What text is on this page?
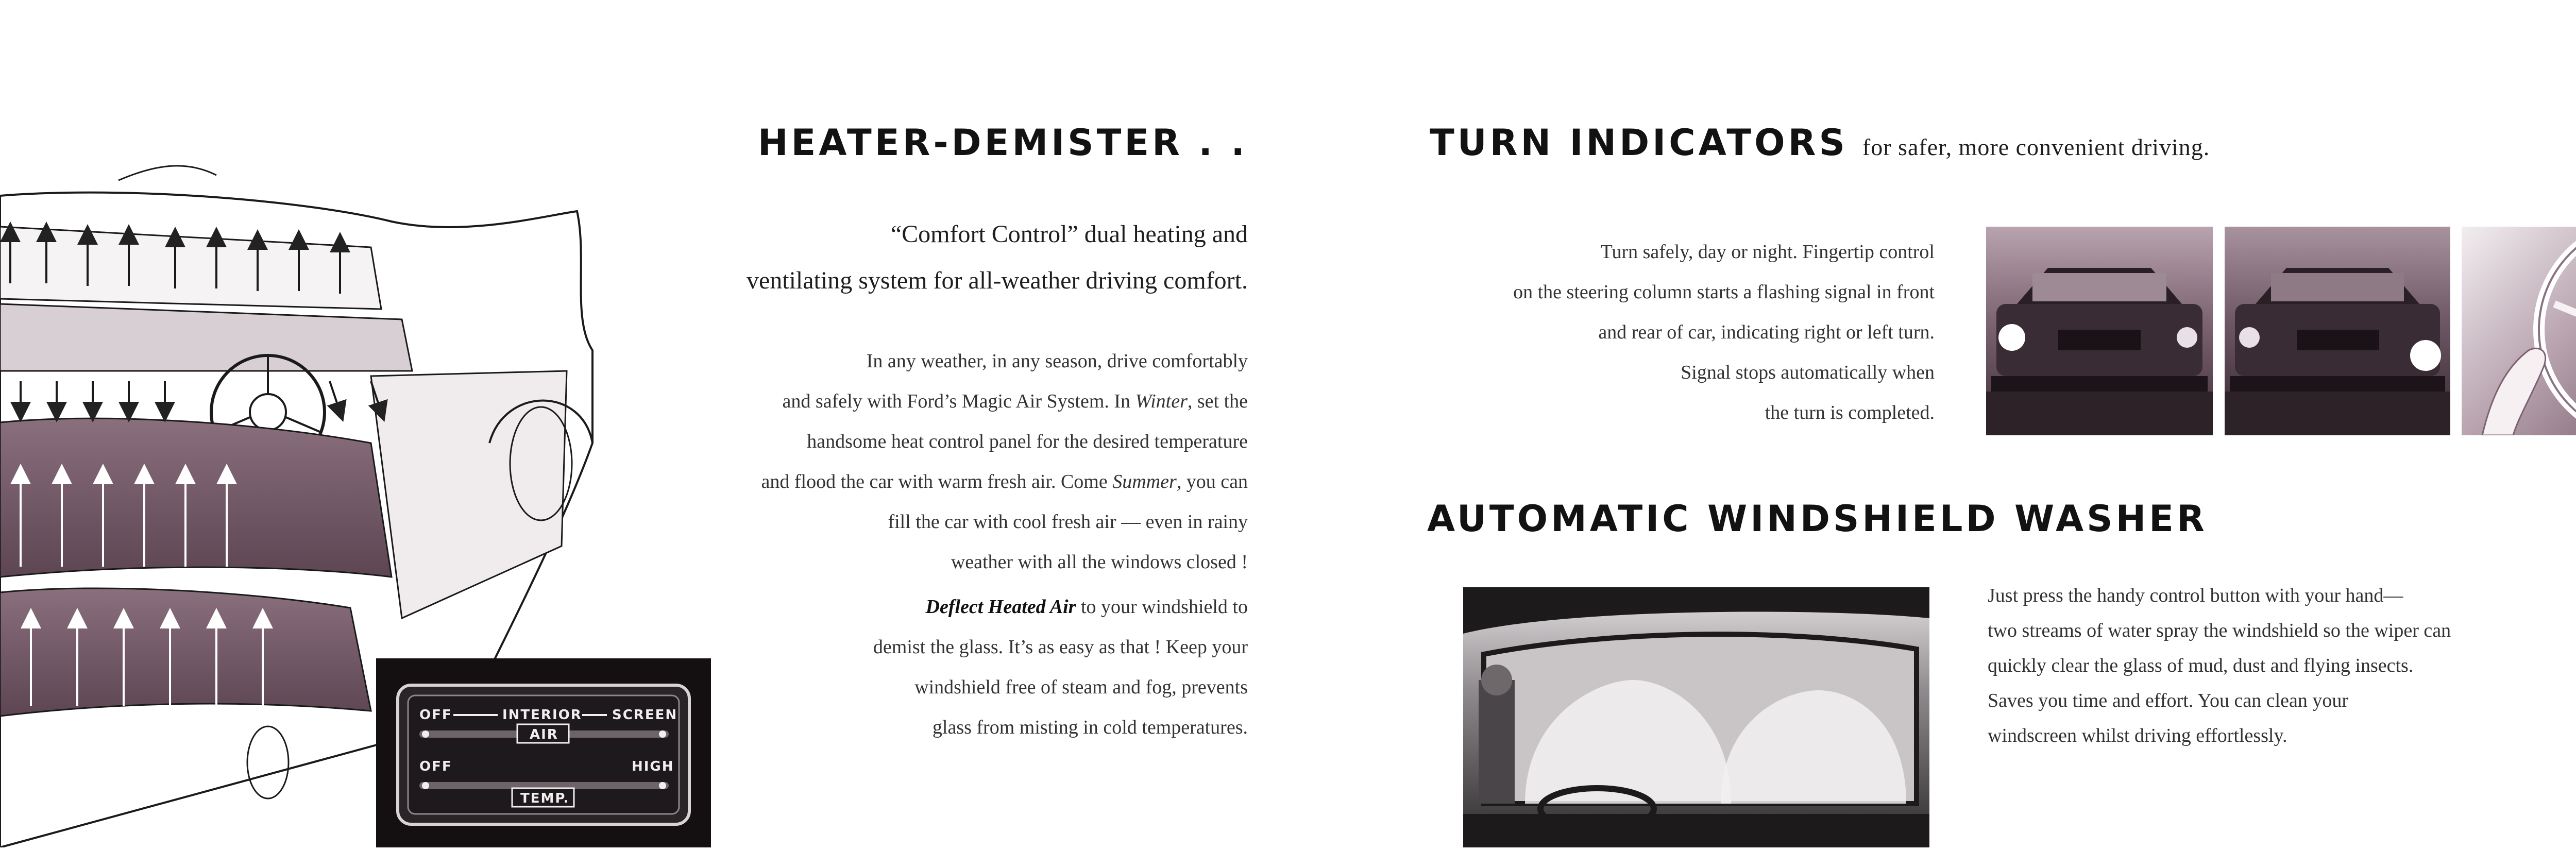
OFF	INTERIOR SCREEN
AIR
OFF	HIGH
TEMP.
HEATER-DEMISTER . .
“Comfort Control” dual heating and
ventilating system for all-weather driving comfort.
In any weather, in any season, drive comfortably
and safely with Ford’s Magic Air System. In Winter, set the
handsome heat control panel for the desired temperature
and flood the car with warm fresh air. Come Summer, you can
fill the car with cool fresh air — even in rainy
weather with all the windows closed !
Deflect Heated Air to your windshield to
demist the glass. It’s as easy as that ! Keep your
windshield free of steam and fog, prevents
glass from misting in cold temperatures.
TURN INDICATORS for safer, more convenient driving.
Turn safely, day or night. Fingertip control
on the steering column starts a flashing signal in front
and rear of car, indicating right or left turn.
Signal stops automatically when
the turn is completed.
AUTOMATIC WINDSHIELD WASHER
Just press the handy control button with your hand—
two streams of water spray the windshield so the wiper can
quickly clear the glass of mud, dust and flying insects.
Saves you time and effort. You can clean your
windscreen whilst driving effortlessly.
